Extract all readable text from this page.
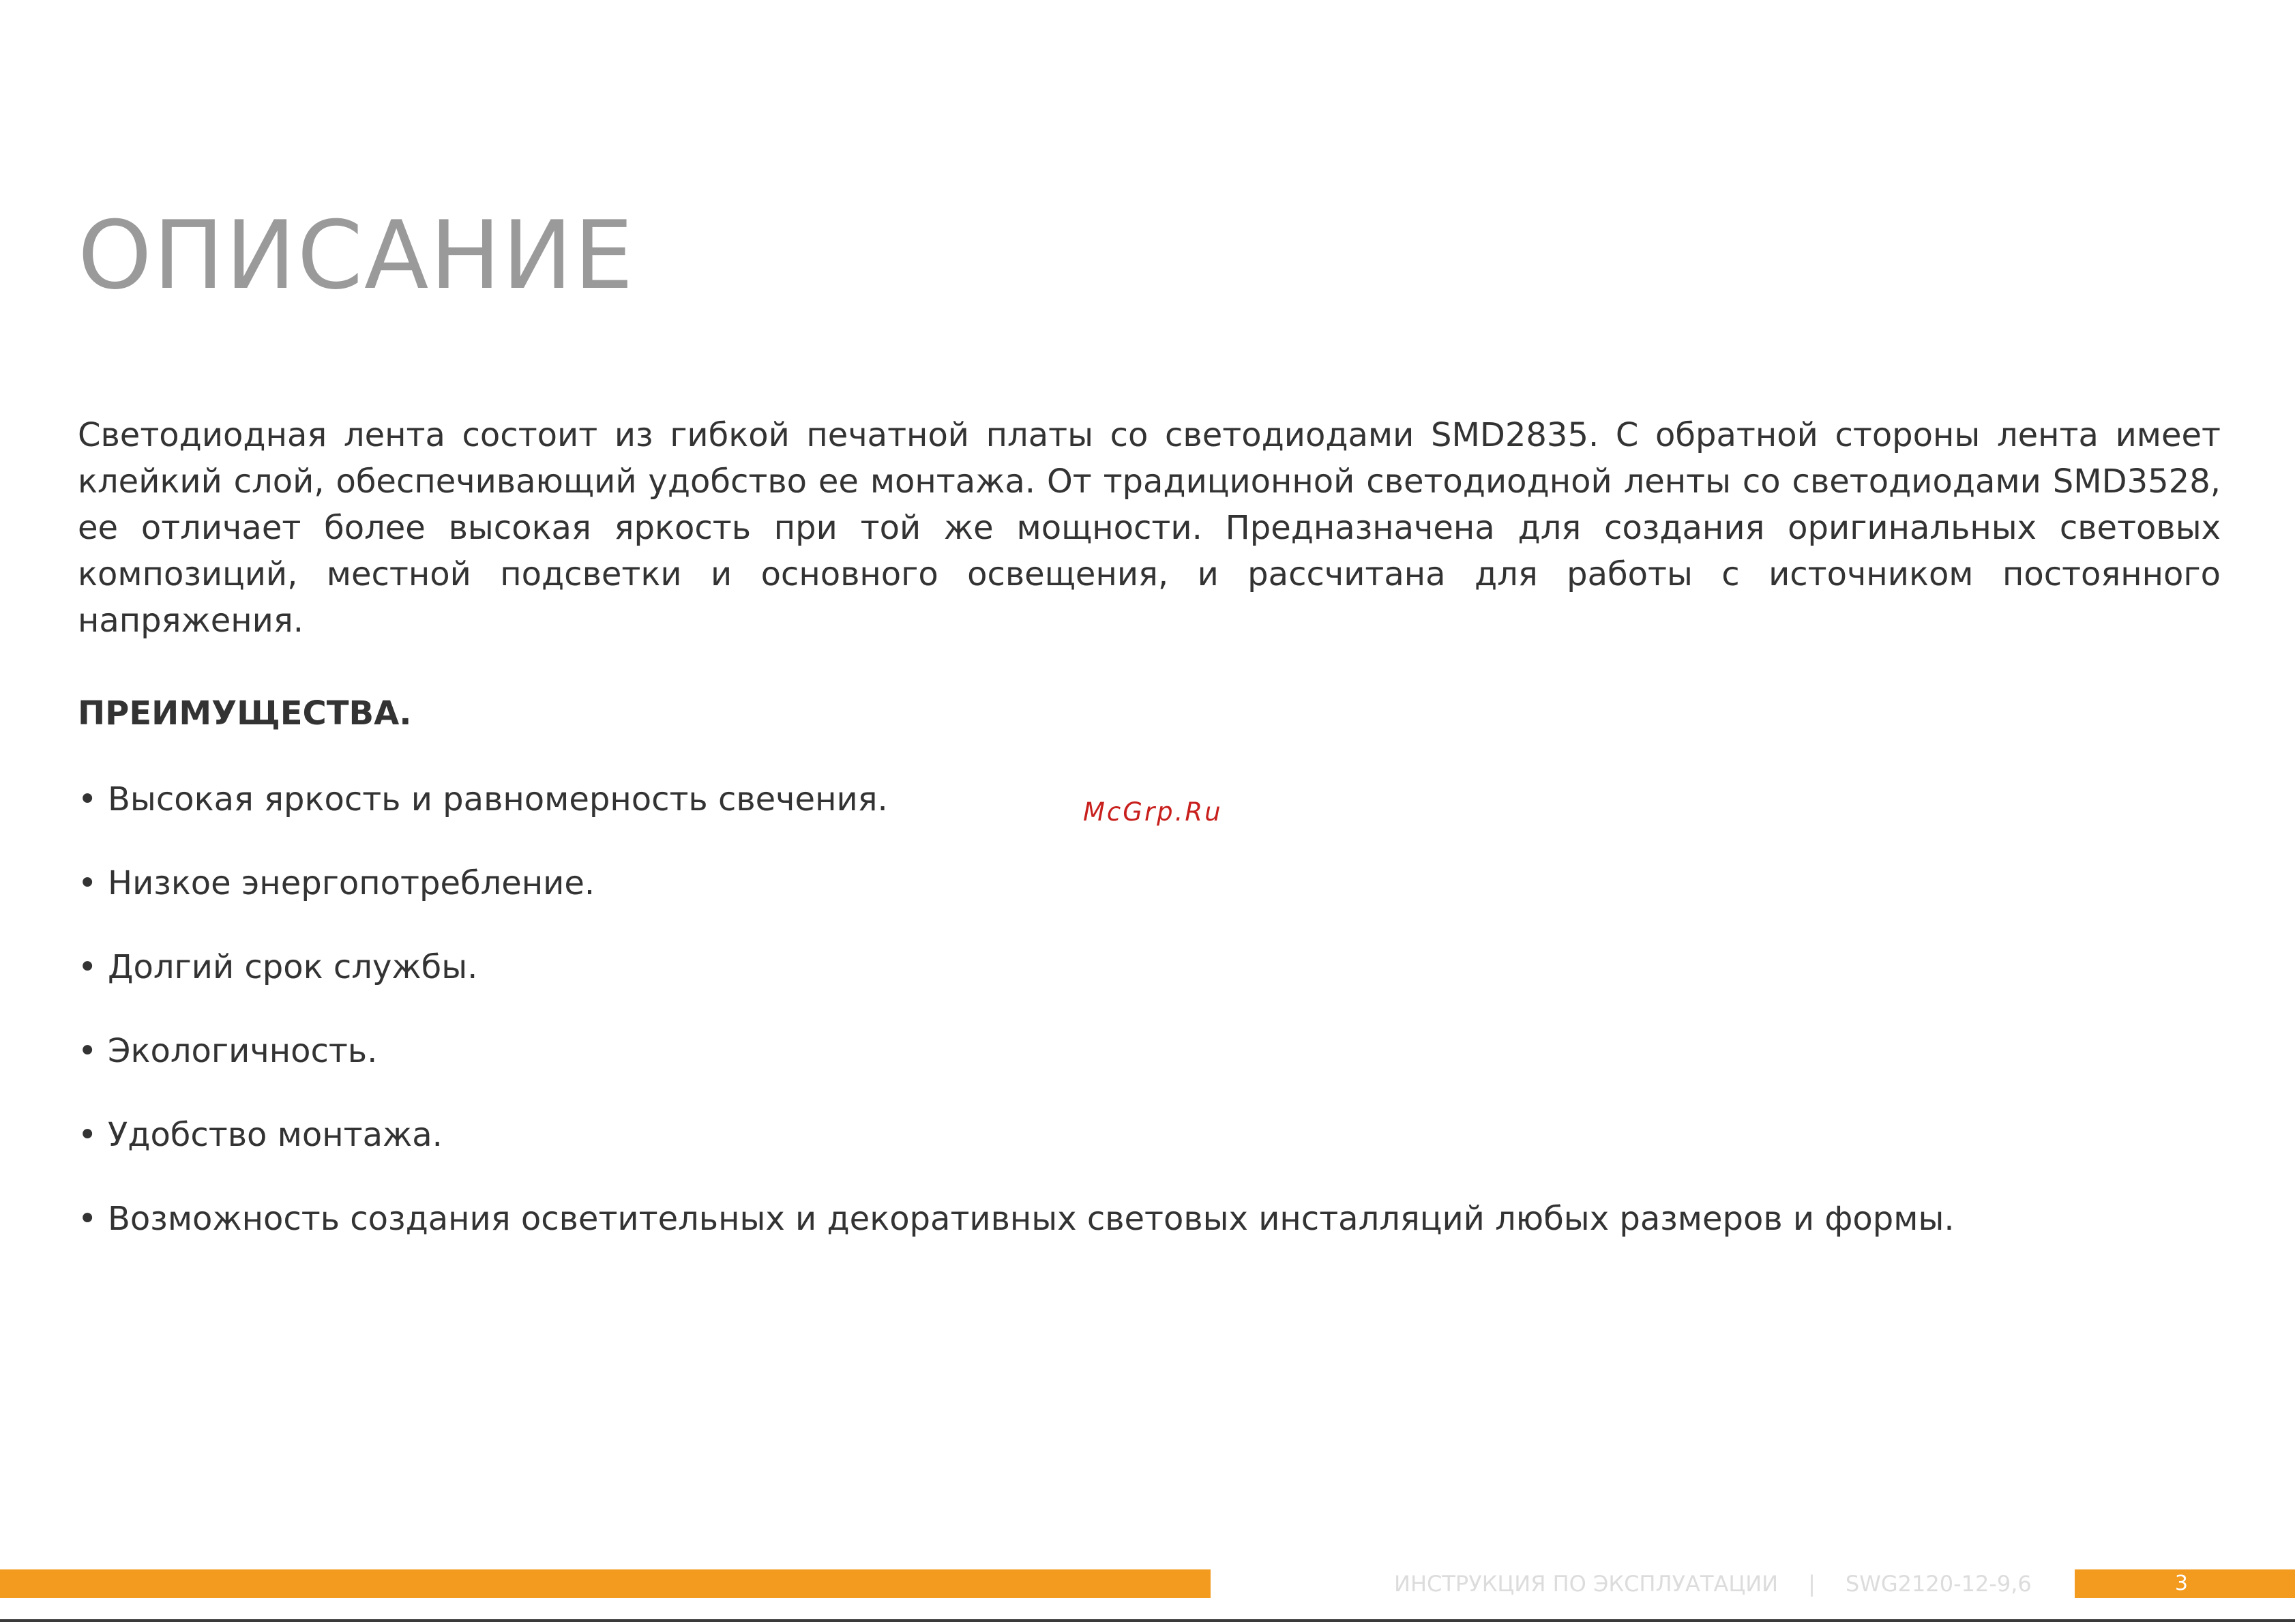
ОПИСАНИЕ

Светодиодная лента состоит из гибкой печатной платы со светодиодами SMD2835. С обратной стороны лента имеет клейкий слой, обеспечивающий удобство ее монтажа. От традиционной светодиодной ленты со светодиодами SMD3528, ее отличает более высокая яркость при той же мощности. Предназначена для создания оригинальных световых композиций, местной подсветки и основного освещения, и рассчитана для работы с источником постоянного напряжения.

ПРЕИМУЩЕСТВА.
• Высокая яркость и равномерность свечения.
• Низкое энергопотребление.
• Долгий срок службы.
• Экологичность.
• Удобство монтажа.
• Возможность создания осветительных и декоративных световых инсталляций любых размеров и формы.
McGrp.Ru
ИНСТРУКЦИЯ ПО ЭКСПЛУАТАЦИИ | SWG2120-12-9,6	3
